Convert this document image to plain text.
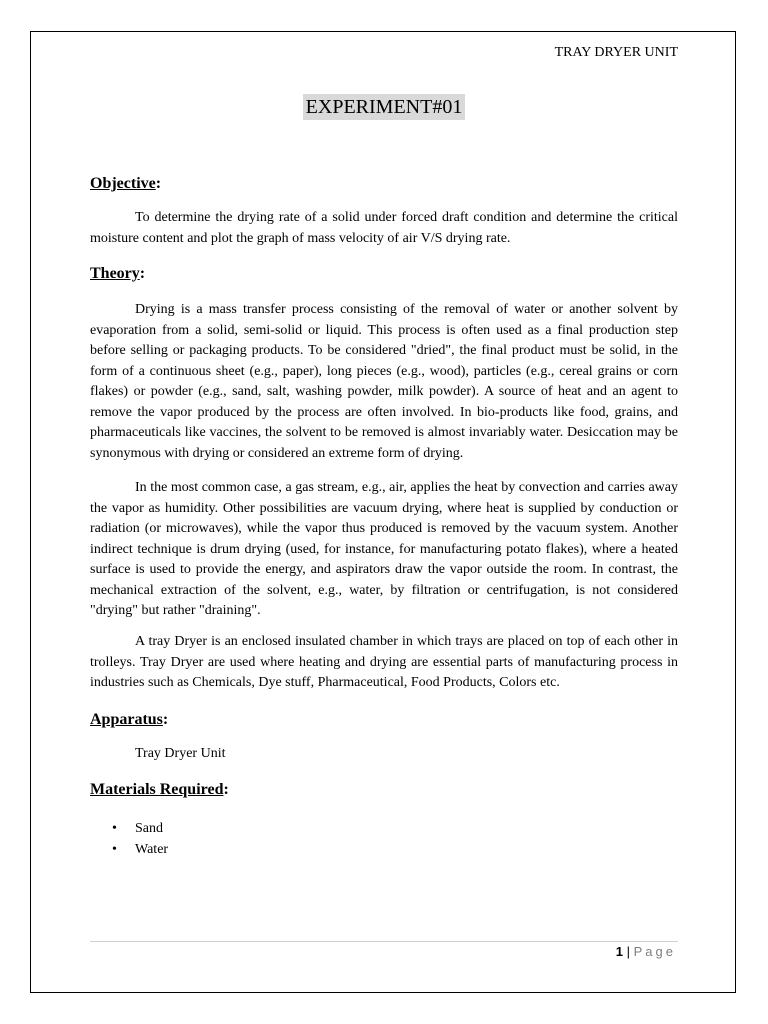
TRAY DRYER UNIT
EXPERIMENT#01
Objective:

To determine the drying rate of a solid under forced draft condition and determine the critical moisture content and plot the graph of mass velocity of air V/S drying rate.

Theory:

Drying is a mass transfer process consisting of the removal of water or another solvent by evaporation from a solid, semi-solid or liquid. This process is often used as a final production step before selling or packaging products. To be considered "dried", the final product must be solid, in the form of a continuous sheet (e.g., paper), long pieces (e.g., wood), particles (e.g., cereal grains or corn flakes) or powder (e.g., sand, salt, washing powder, milk powder). A source of heat and an agent to remove the vapor produced by the process are often involved. In bio-products like food, grains, and pharmaceuticals like vaccines, the solvent to be removed is almost invariably water. Desiccation may be synonymous with drying or considered an extreme form of drying.

In the most common case, a gas stream, e.g., air, applies the heat by convection and carries away the vapor as humidity. Other possibilities are vacuum drying, where heat is supplied by conduction or radiation (or microwaves), while the vapor thus produced is removed by the vacuum system. Another indirect technique is drum drying (used, for instance, for manufacturing potato flakes), where a heated surface is used to provide the energy, and aspirators draw the vapor outside the room. In contrast, the mechanical extraction of the solvent, e.g., water, by filtration or centrifugation, is not considered "drying" but rather "draining".

A tray Dryer is an enclosed insulated chamber in which trays are placed on top of each other in trolleys. Tray Dryer are used where heating and drying are essential parts of manufacturing process in industries such as Chemicals, Dye stuff, Pharmaceutical, Food Products, Colors etc.

Apparatus:
Tray Dryer Unit
Materials Required:
• Sand
• Water
1 | Page
